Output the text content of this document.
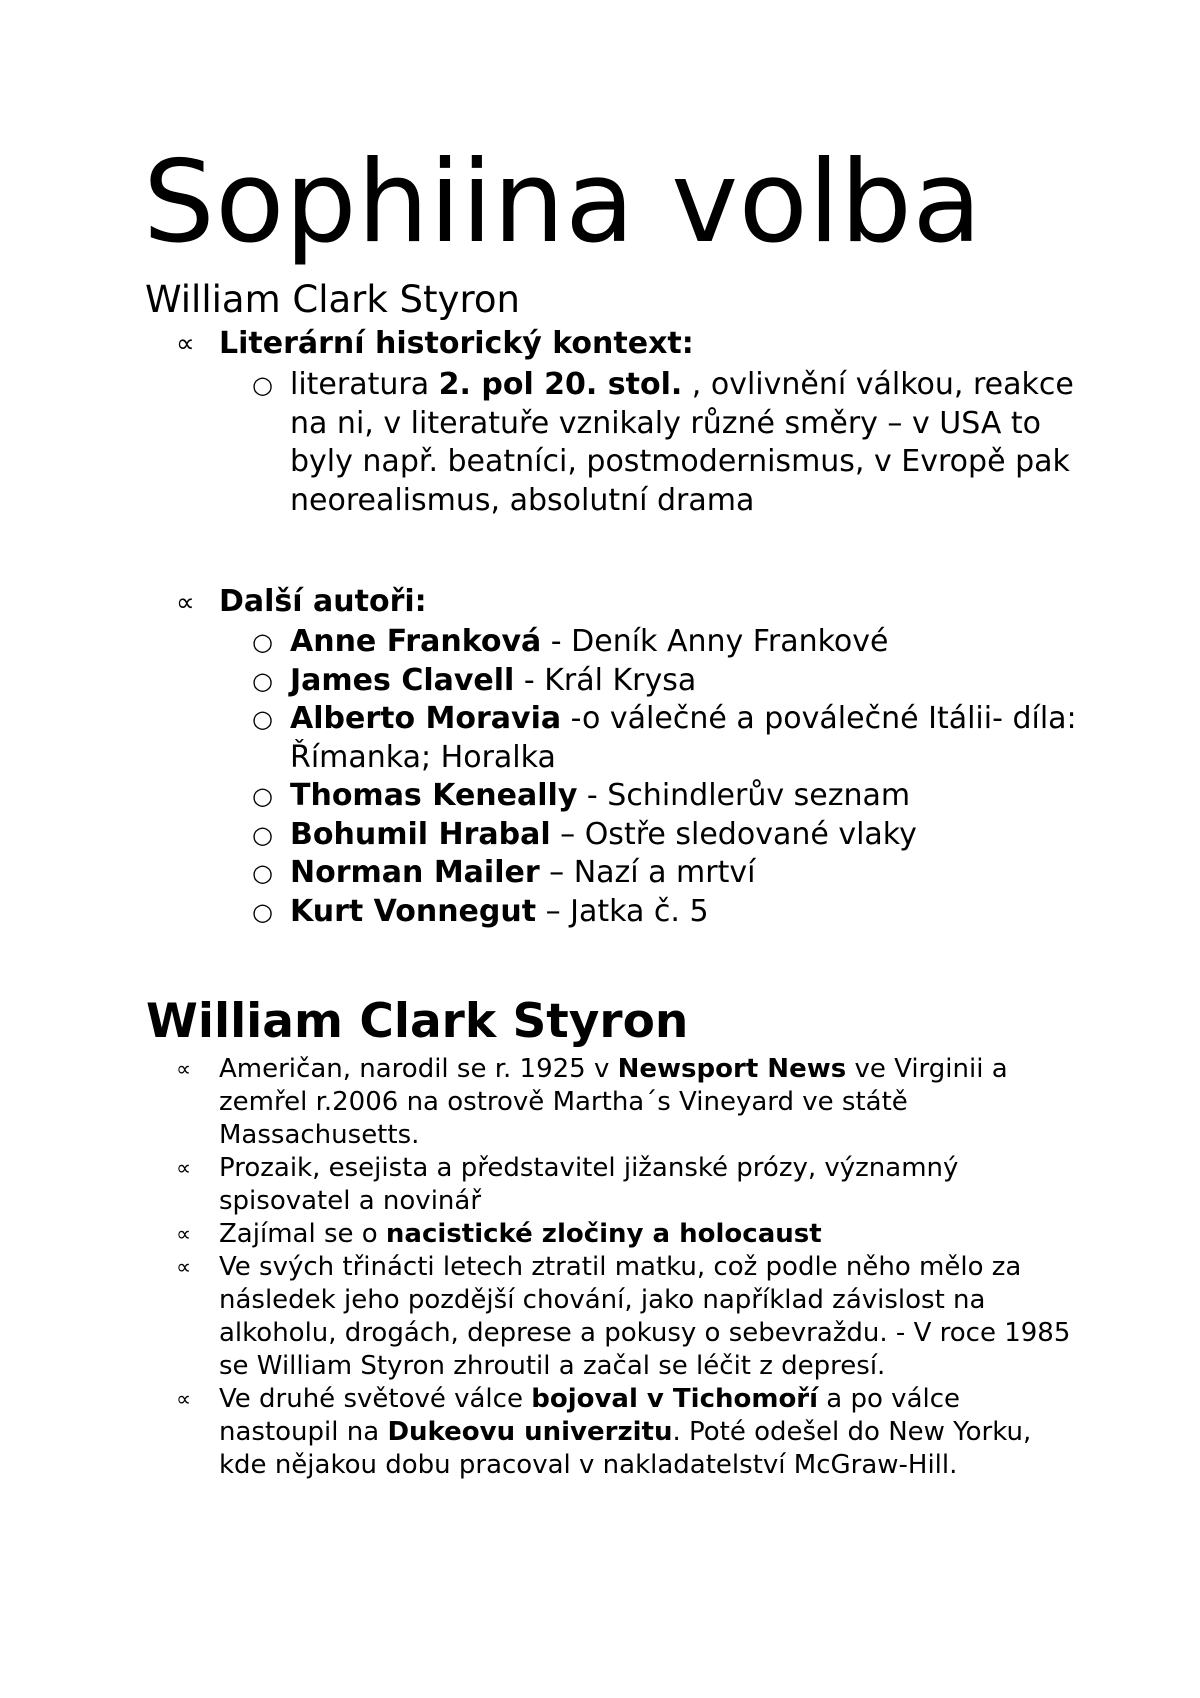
Sophiina volba
William Clark Styron
∝ Literární historický kontext:
○ literatura 2. pol 20. stol. , ovlivnění válkou, reakce na ni, v literatuře vznikaly různé směry – v USA to byly např. beatníci, postmodernismus, v Evropě pak neorealismus, absolutní drama
∝ Další autoři:
○ Anne Franková - Deník Anny Frankové
○ James Clavell - Král Krysa
○ Alberto Moravia -o válečné a poválečné Itálii- díla: Římanka; Horalka
○ Thomas Keneally - Schindlerův seznam
○ Bohumil Hrabal – Ostře sledované vlaky
○ Norman Mailer – Nazí a mrtví
○ Kurt Vonnegut – Jatka č. 5
William Clark Styron
∝ Američan, narodil se r. 1925 v Newsport News ve Virginii a zemřel r.2006 na ostrově Martha´s Vineyard ve státě Massachusetts.
∝ Prozaik, esejista a představitel jižanské prózy, významný spisovatel a novinář
∝ Zajímal se o nacistické zločiny a holocaust
∝ Ve svých třinácti letech ztratil matku, což podle něho mělo za následek jeho pozdější chování, jako například závislost na alkoholu, drogách, deprese a pokusy o sebevraždu. - V roce 1985 se William Styron zhroutil a začal se léčit z depresí.
∝ Ve druhé světové válce bojoval v Tichomoří a po válce nastoupil na Dukeovu univerzitu. Poté odešel do New Yorku, kde nějakou dobu pracoval v nakladatelství McGraw-Hill.
